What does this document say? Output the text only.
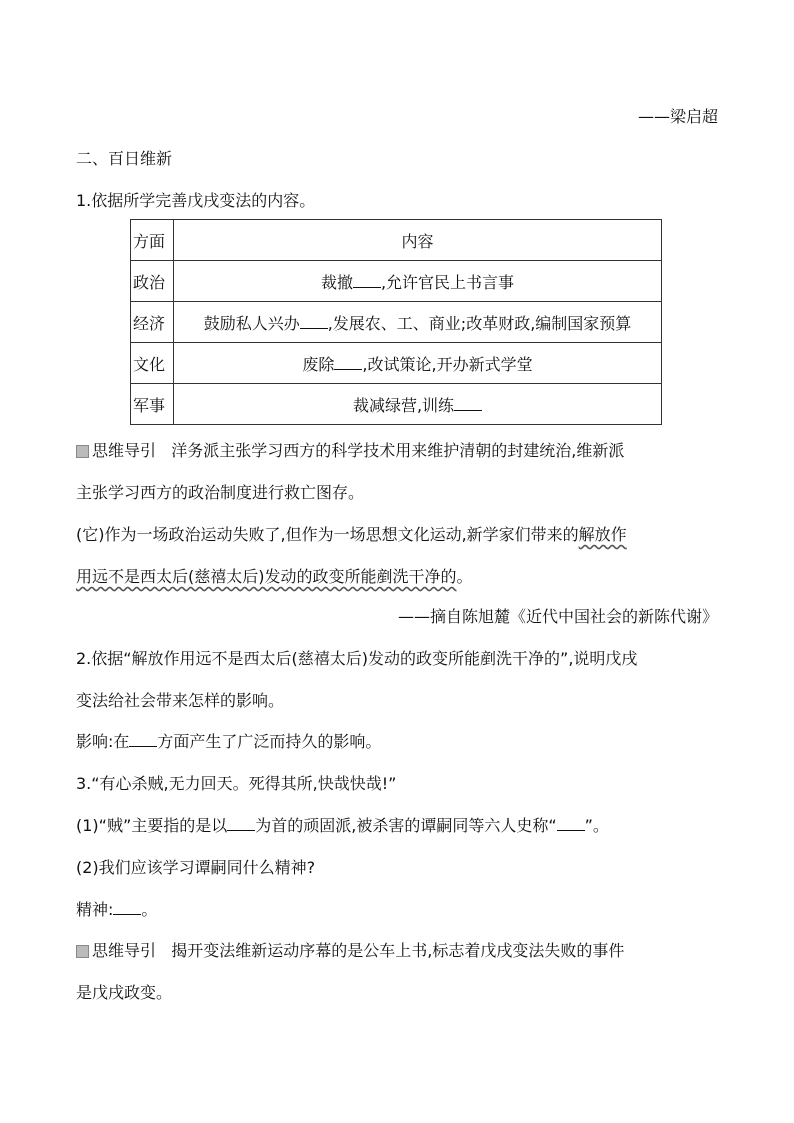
——梁启超
二、百日维新
1.依据所学完善戊戌变法的内容。
方面	内容
政治	裁撤 ,允许官民上书言事
经济	鼓励私人兴办 ,发展农、工、商业;改革财政,编制国家预算
文化	废除 ,改试策论,开办新式学堂
军事	裁减绿营,训练
思维导引 洋务派主张学习西方的科学技术用来维护清朝的封建统治,维新派
主张学习西方的政治制度进行救亡图存。
(它)作为一场政治运动失败了,但作为一场思想文化运动,新学家们带来的解放作
用远不是西太后(慈禧太后)发动的政变所能剷洗干净的。
——摘自陈旭麓《近代中国社会的新陈代谢》
2.依据“解放作用远不是西太后(慈禧太后)发动的政变所能剷洗干净的”,说明戊戌
变法给社会带来怎样的影响。
影响:在 方面产生了广泛而持久的影响。
3.“有心杀贼,无力回天。死得其所,快哉快哉!”
(1)“贼”主要指的是以 为首的顽固派,被杀害的谭嗣同等六人史称“ ”。
(2)我们应该学习谭嗣同什么精神?
精神: 。
思维导引 揭开变法维新运动序幕的是公车上书,标志着戊戌变法失败的事件
是戊戌政变。
